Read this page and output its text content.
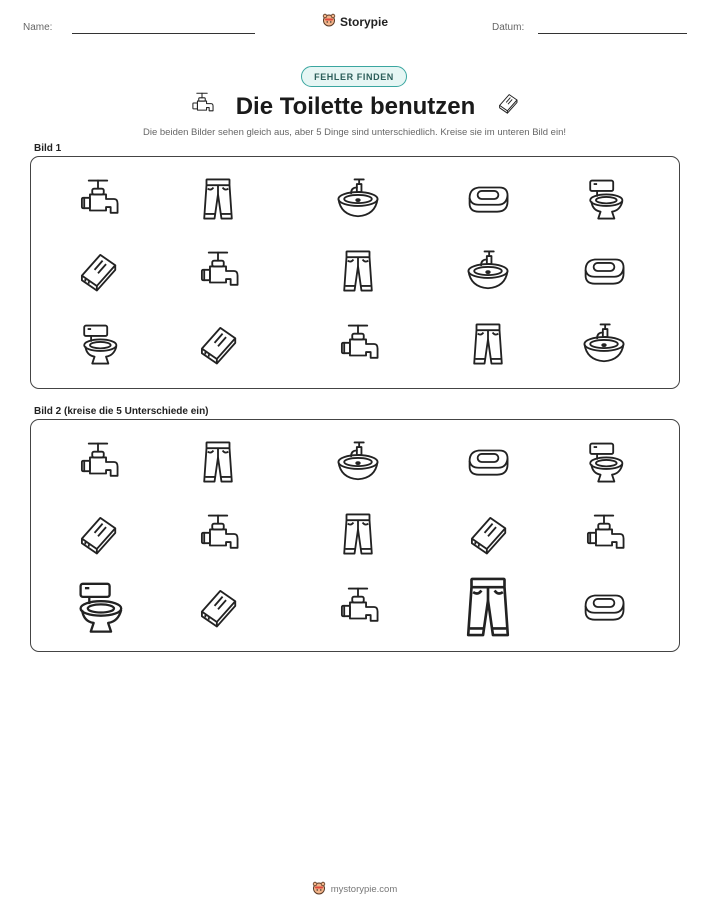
Name:	Storypie	Datum:
FEHLER FINDEN
Die Toilette benutzen
Die beiden Bilder sehen gleich aus, aber 5 Dinge sind unterschiedlich. Kreise sie im unteren Bild ein!
Bild 1
Bild 2 (kreise die 5 Unterschiede ein)
mystorypie.com
